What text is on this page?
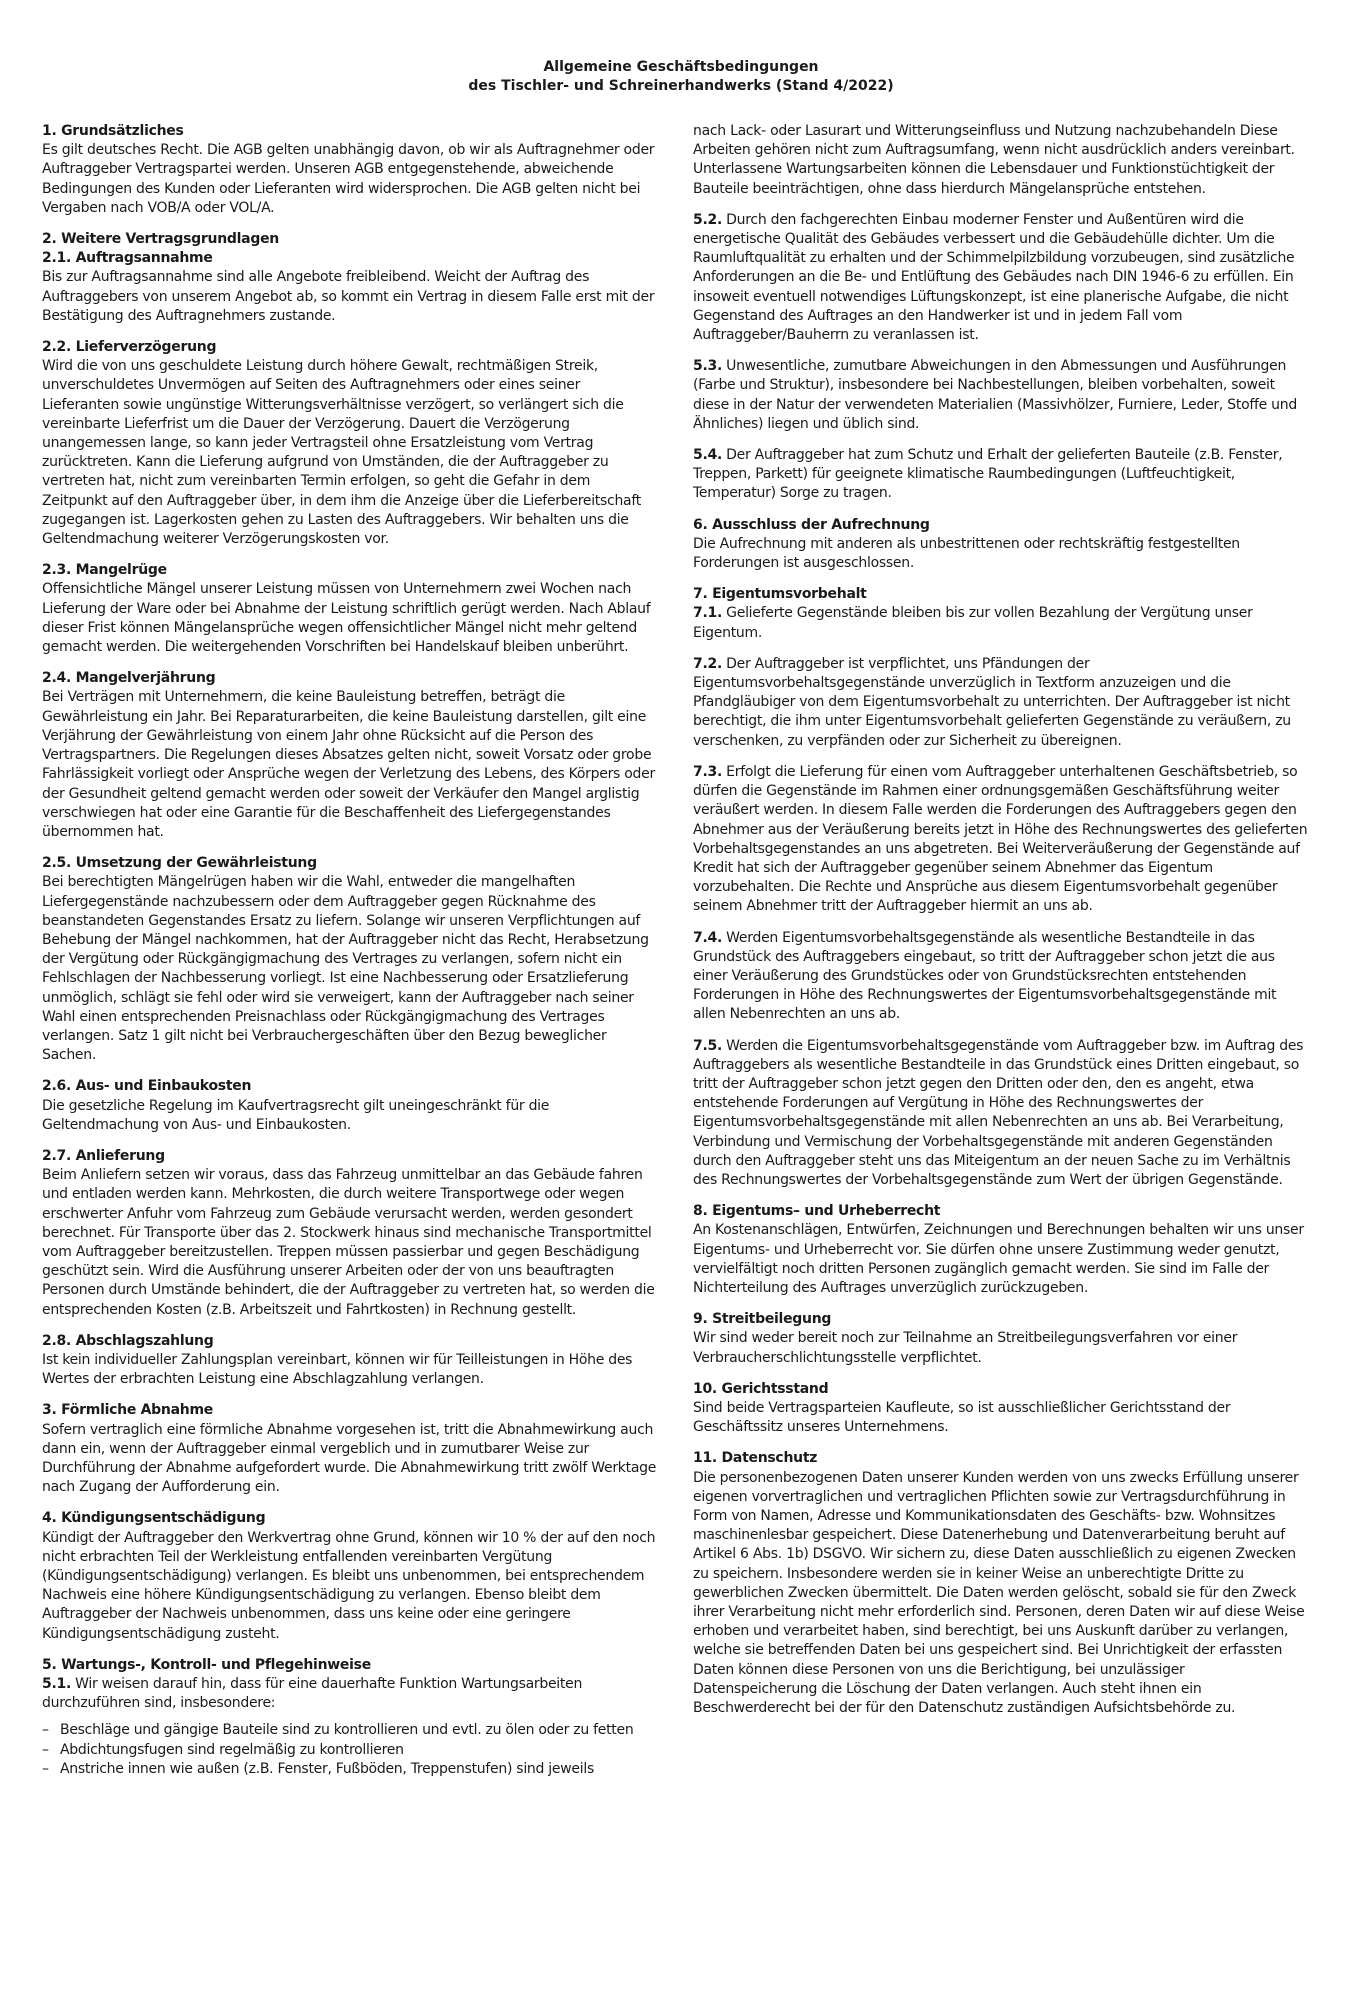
Allgemeine Geschäftsbedingungen
des Tischler- und Schreinerhandwerks (Stand 4/2022)

1. Grundsätzliches

Es gilt deutsches Recht. Die AGB gelten unabhängig davon, ob wir als Auftragnehmer oder Auftraggeber Vertragspartei werden. Unseren AGB entgegenstehende, abweichende Bedingungen des Kunden oder Lieferanten wird widersprochen. Die AGB gelten nicht bei Vergaben nach VOB/A oder VOL/A.

2. Weitere Vertragsgrundlagen

2.1. Auftragsannahme

Bis zur Auftragsannahme sind alle Angebote freibleibend. Weicht der Auftrag des Auftraggebers von unserem Angebot ab, so kommt ein Vertrag in diesem Falle erst mit der Bestätigung des Auftragnehmers zustande.

2.2. Lieferverzögerung

Wird die von uns geschuldete Leistung durch höhere Gewalt, rechtmäßigen Streik, unverschuldetes Unvermögen auf Seiten des Auftragnehmers oder eines seiner Lieferanten sowie ungünstige Witterungsverhältnisse verzögert, so verlängert sich die vereinbarte Lieferfrist um die Dauer der Verzögerung. Dauert die Verzögerung unangemessen lange, so kann jeder Vertragsteil ohne Ersatzleistung vom Vertrag zurücktreten. Kann die Lieferung aufgrund von Umständen, die der Auftraggeber zu vertreten hat, nicht zum vereinbarten Termin erfolgen, so geht die Gefahr in dem Zeitpunkt auf den Auftraggeber über, in dem ihm die Anzeige über die Lieferbereitschaft zugegangen ist. Lagerkosten gehen zu Lasten des Auftraggebers. Wir behalten uns die Geltendmachung weiterer Verzögerungskosten vor.

2.3. Mangelrüge

Offensichtliche Mängel unserer Leistung müssen von Unternehmern zwei Wochen nach Lieferung der Ware oder bei Abnahme der Leistung schriftlich gerügt werden. Nach Ablauf dieser Frist können Mängelansprüche wegen offensichtlicher Mängel nicht mehr geltend gemacht werden. Die weitergehenden Vorschriften bei Handelskauf bleiben unberührt.

2.4. Mangelverjährung

Bei Verträgen mit Unternehmern, die keine Bauleistung betreffen, beträgt die Gewährleistung ein Jahr. Bei Reparaturarbeiten, die keine Bauleistung darstellen, gilt eine Verjährung der Gewährleistung von einem Jahr ohne Rücksicht auf die Person des Vertragspartners. Die Regelungen dieses Absatzes gelten nicht, soweit Vorsatz oder grobe Fahrlässigkeit vorliegt oder Ansprüche wegen der Verletzung des Lebens, des Körpers oder der Gesundheit geltend gemacht werden oder soweit der Verkäufer den Mangel arglistig verschwiegen hat oder eine Garantie für die Beschaffenheit des Liefergegenstandes übernommen hat.

2.5. Umsetzung der Gewährleistung

Bei berechtigten Mängelrügen haben wir die Wahl, entweder die mangelhaften Liefergegenstände nachzubessern oder dem Auftraggeber gegen Rücknahme des beanstandeten Gegenstandes Ersatz zu liefern. Solange wir unseren Verpflichtungen auf Behebung der Mängel nachkommen, hat der Auftraggeber nicht das Recht, Herabsetzung der Vergütung oder Rückgängigmachung des Vertrages zu verlangen, sofern nicht ein Fehlschlagen der Nachbesserung vorliegt. Ist eine Nachbesserung oder Ersatzlieferung unmöglich, schlägt sie fehl oder wird sie verweigert, kann der Auftraggeber nach seiner Wahl einen entsprechenden Preisnachlass oder Rückgängigmachung des Vertrages verlangen. Satz 1 gilt nicht bei Verbrauchergeschäften über den Bezug beweglicher Sachen.

2.6. Aus- und Einbaukosten

Die gesetzliche Regelung im Kaufvertragsrecht gilt uneingeschränkt für die Geltendmachung von Aus- und Einbaukosten.

2.7. Anlieferung

Beim Anliefern setzen wir voraus, dass das Fahrzeug unmittelbar an das Gebäude fahren und entladen werden kann. Mehrkosten, die durch weitere Transportwege oder wegen erschwerter Anfuhr vom Fahrzeug zum Gebäude verursacht werden, werden gesondert berechnet. Für Transporte über das 2. Stockwerk hinaus sind mechanische Transportmittel vom Auftraggeber bereitzustellen. Treppen müssen passierbar und gegen Beschädigung geschützt sein. Wird die Ausführung unserer Arbeiten oder der von uns beauftragten Personen durch Umstände behindert, die der Auftraggeber zu vertreten hat, so werden die entsprechenden Kosten (z.B. Arbeitszeit und Fahrtkosten) in Rechnung gestellt.

2.8. Abschlagszahlung

Ist kein individueller Zahlungsplan vereinbart, können wir für Teilleistungen in Höhe des Wertes der erbrachten Leistung eine Abschlagzahlung verlangen.

3. Förmliche Abnahme

Sofern vertraglich eine förmliche Abnahme vorgesehen ist, tritt die Abnahmewirkung auch dann ein, wenn der Auftraggeber einmal vergeblich und in zumutbarer Weise zur Durchführung der Abnahme aufgefordert wurde. Die Abnahmewirkung tritt zwölf Werktage nach Zugang der Aufforderung ein.

4. Kündigungsentschädigung

Kündigt der Auftraggeber den Werkvertrag ohne Grund, können wir 10 % der auf den noch nicht erbrachten Teil der Werkleistung entfallenden vereinbarten Vergütung (Kündigungsentschädigung) verlangen. Es bleibt uns unbenommen, bei entsprechendem Nachweis eine höhere Kündigungsentschädigung zu verlangen. Ebenso bleibt dem Auftraggeber der Nachweis unbenommen, dass uns keine oder eine geringere Kündigungsentschädigung zusteht.

5. Wartungs-, Kontroll- und Pflegehinweise

5.1. Wir weisen darauf hin, dass für eine dauerhafte Funktion Wartungsarbeiten durchzuführen sind, insbesondere:

– Beschläge und gängige Bauteile sind zu kontrollieren und evtl. zu ölen oder zu fetten
– Abdichtungsfugen sind regelmäßig zu kontrollieren
– Anstriche innen wie außen (z.B. Fenster, Fußböden, Treppenstufen) sind jeweils

nach Lack- oder Lasurart und Witterungseinfluss und Nutzung nachzubehandeln Diese Arbeiten gehören nicht zum Auftragsumfang, wenn nicht ausdrücklich anders vereinbart. Unterlassene Wartungsarbeiten können die Lebensdauer und Funktionstüchtigkeit der Bauteile beeinträchtigen, ohne dass hierdurch Mängelansprüche entstehen.

5.2. Durch den fachgerechten Einbau moderner Fenster und Außentüren wird die energetische Qualität des Gebäudes verbessert und die Gebäudehülle dichter. Um die Raumluftqualität zu erhalten und der Schimmelpilzbildung vorzubeugen, sind zusätzliche Anforderungen an die Be- und Entlüftung des Gebäudes nach DIN 1946-6 zu erfüllen. Ein insoweit eventuell notwendiges Lüftungskonzept, ist eine planerische Aufgabe, die nicht Gegenstand des Auftrages an den Handwerker ist und in jedem Fall vom Auftraggeber/Bauherrn zu veranlassen ist.

5.3. Unwesentliche, zumutbare Abweichungen in den Abmessungen und Ausführungen (Farbe und Struktur), insbesondere bei Nachbestellungen, bleiben vorbehalten, soweit diese in der Natur der verwendeten Materialien (Massivhölzer, Furniere, Leder, Stoffe und Ähnliches) liegen und üblich sind.

5.4. Der Auftraggeber hat zum Schutz und Erhalt der gelieferten Bauteile (z.B. Fenster, Treppen, Parkett) für geeignete klimatische Raumbedingungen (Luftfeuchtigkeit, Temperatur) Sorge zu tragen.

6. Ausschluss der Aufrechnung

Die Aufrechnung mit anderen als unbestrittenen oder rechtskräftig festgestellten Forderungen ist ausgeschlossen.

7. Eigentumsvorbehalt

7.1. Gelieferte Gegenstände bleiben bis zur vollen Bezahlung der Vergütung unser Eigentum.

7.2. Der Auftraggeber ist verpflichtet, uns Pfändungen der Eigentumsvorbehaltsgegenstände unverzüglich in Textform anzuzeigen und die Pfandgläubiger von dem Eigentumsvorbehalt zu unterrichten. Der Auftraggeber ist nicht berechtigt, die ihm unter Eigentumsvorbehalt gelieferten Gegenstände zu veräußern, zu verschenken, zu verpfänden oder zur Sicherheit zu übereignen.

7.3. Erfolgt die Lieferung für einen vom Auftraggeber unterhaltenen Geschäftsbetrieb, so dürfen die Gegenstände im Rahmen einer ordnungsgemäßen Geschäftsführung weiter veräußert werden. In diesem Falle werden die Forderungen des Auftraggebers gegen den Abnehmer aus der Veräußerung bereits jetzt in Höhe des Rechnungswertes des gelieferten Vorbehaltsgegenstandes an uns abgetreten. Bei Weiterveräußerung der Gegenstände auf Kredit hat sich der Auftraggeber gegenüber seinem Abnehmer das Eigentum vorzubehalten. Die Rechte und Ansprüche aus diesem Eigentumsvorbehalt gegenüber seinem Abnehmer tritt der Auftraggeber hiermit an uns ab.

7.4. Werden Eigentumsvorbehaltsgegenstände als wesentliche Bestandteile in das Grundstück des Auftraggebers eingebaut, so tritt der Auftraggeber schon jetzt die aus einer Veräußerung des Grundstückes oder von Grundstücksrechten entstehenden Forderungen in Höhe des Rechnungswertes der Eigentumsvorbehaltsgegenstände mit allen Nebenrechten an uns ab.

7.5. Werden die Eigentumsvorbehaltsgegenstände vom Auftraggeber bzw. im Auftrag des Auftraggebers als wesentliche Bestandteile in das Grundstück eines Dritten eingebaut, so tritt der Auftraggeber schon jetzt gegen den Dritten oder den, den es angeht, etwa entstehende Forderungen auf Vergütung in Höhe des Rechnungswertes der Eigentumsvorbehaltsgegenstände mit allen Nebenrechten an uns ab. Bei Verarbeitung, Verbindung und Vermischung der Vorbehaltsgegenstände mit anderen Gegenständen durch den Auftraggeber steht uns das Miteigentum an der neuen Sache zu im Verhältnis des Rechnungswertes der Vorbehaltsgegenstände zum Wert der übrigen Gegenstände.

8. Eigentums– und Urheberrecht

An Kostenanschlägen, Entwürfen, Zeichnungen und Berechnungen behalten wir uns unser Eigentums- und Urheberrecht vor. Sie dürfen ohne unsere Zustimmung weder genutzt, vervielfältigt noch dritten Personen zugänglich gemacht werden. Sie sind im Falle der Nichterteilung des Auftrages unverzüglich zurückzugeben.

9. Streitbeilegung

Wir sind weder bereit noch zur Teilnahme an Streitbeilegungsverfahren vor einer Verbraucherschlichtungsstelle verpflichtet.

10. Gerichtsstand

Sind beide Vertragsparteien Kaufleute, so ist ausschließlicher Gerichtsstand der Geschäftssitz unseres Unternehmens.

11. Datenschutz

Die personenbezogenen Daten unserer Kunden werden von uns zwecks Erfüllung unserer eigenen vorvertraglichen und vertraglichen Pflichten sowie zur Vertragsdurchführung in Form von Namen, Adresse und Kommunikationsdaten des Geschäfts- bzw. Wohnsitzes maschinenlesbar gespeichert. Diese Datenerhebung und Datenverarbeitung beruht auf Artikel 6 Abs. 1b) DSGVO. Wir sichern zu, diese Daten ausschließlich zu eigenen Zwecken zu speichern. Insbesondere werden sie in keiner Weise an unberechtigte Dritte zu gewerblichen Zwecken übermittelt. Die Daten werden gelöscht, sobald sie für den Zweck ihrer Verarbeitung nicht mehr erforderlich sind. Personen, deren Daten wir auf diese Weise erhoben und verarbeitet haben, sind berechtigt, bei uns Auskunft darüber zu verlangen, welche sie betreffenden Daten bei uns gespeichert sind. Bei Unrichtigkeit der erfassten Daten können diese Personen von uns die Berichtigung, bei unzulässiger Datenspeicherung die Löschung der Daten verlangen. Auch steht ihnen ein Beschwerderecht bei der für den Datenschutz zuständigen Aufsichtsbehörde zu.
